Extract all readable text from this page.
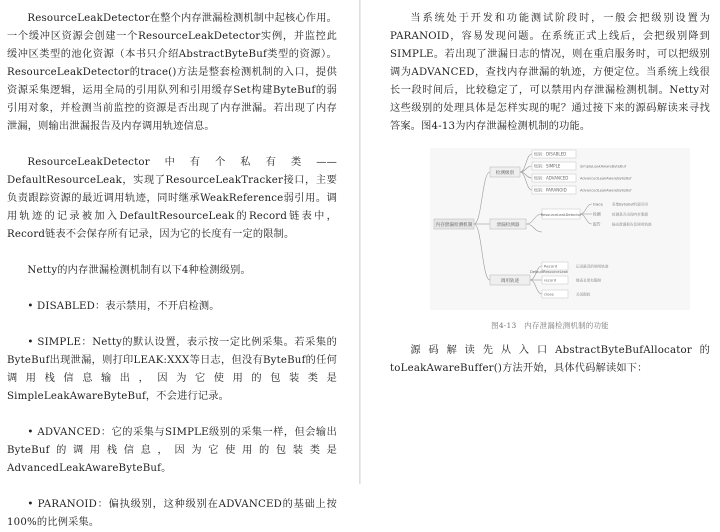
ResourceLeakDetector在整个内存泄漏检测机制中起核心作用。一个缓冲区资源会创建一个ResourceLeakDetector实例，并监控此缓冲区类型的池化资源（本书只介绍AbstractByteBuf类型的资源）。ResourceLeakDetector的trace()方法是整套检测机制的入口，提供资源采集逻辑，运用全局的引用队列和引用缓存Set构建ByteBuf的弱引用对象，并检测当前监控的资源是否出现了内存泄漏。若出现了内存泄漏，则输出泄漏报告及内存调用轨迹信息。

ResourceLeakDetector中有个私有类——DefaultResourceLeak，实现了ResourceLeakTracker接口，主要负责跟踪资源的最近调用轨迹，同时继承WeakReference弱引用。调用轨迹的记录被加入DefaultResourceLeak的Record链表中，Record链表不会保存所有记录，因为它的长度有一定的限制。

Netty的内存泄漏检测机制有以下4种检测级别。

• DISABLED：表示禁用，不开启检测。

• SIMPLE：Netty的默认设置，表示按一定比例采集。若采集的ByteBuf出现泄漏，则打印LEAK:XXX等日志，但没有ByteBuf的任何调用栈信息输出，因为它使用的包装类是SimpleLeakAwareByteBuf，不会进行记录。

• ADVANCED：它的采集与SIMPLE级别的采集一样，但会输出ByteBuf的调用栈信息，因为它使用的包装类是AdvancedLeakAwareByteBuf。

• PARANOID：偏执级别，这种级别在ADVANCED的基础上按100%的比例采集。

当系统处于开发和功能测试阶段时，一般会把级别设置为PARANOID，容易发现问题。在系统正式上线后，会把级别降到SIMPLE。若出现了泄漏日志的情况，则在重启服务时，可以把级别调为ADVANCED，查找内存泄漏的轨迹，方便定位。当系统上线很长一段时间后，比较稳定了，可以禁用内存泄漏检测机制。Netty对这些级别的处理具体是怎样实现的呢？通过接下来的源码解读来寻找答案。图4-13为内存泄漏检测机制的功能。

内存泄漏检测机制
检测级别
级别：DISABLED
级别：SIMPLE	SimpleLeakAwareByteBuf
级别：ADVANCED	AdvancedLeakAwareByteBuf
级别：PARANOID	AdvancedLeakAwareByteBuf
泄漏检测器
ResourceLeakDetector
trace	采集ByteBuf的弱引用
检测	检测是否出现内存泄漏
报告	输出泄漏报告及调用轨迹
调用轨迹
DefaultResourceLeak
Record	记录最近的调用轨迹
record	链表长度有限制
close	关闭跟踪

图4-13　内存泄漏检测机制的功能

源码解读先从入口AbstractByteBufAllocator的toLeakAwareBuffer()方法开始，具体代码解读如下：
